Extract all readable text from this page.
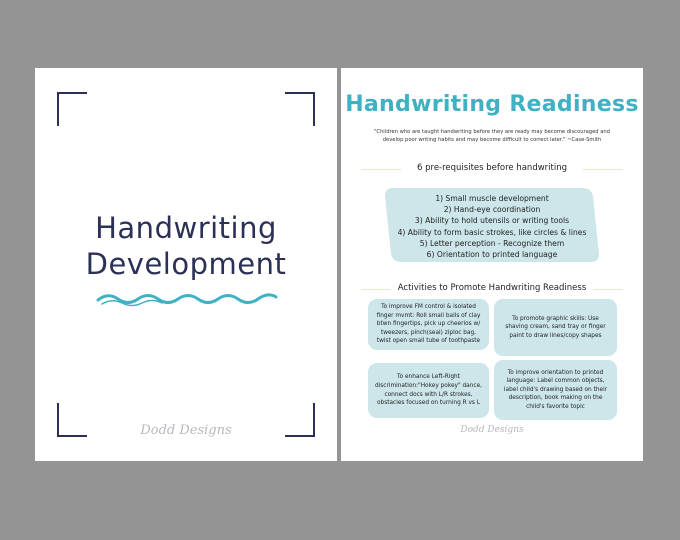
Handwriting
Development
Dodd Designs
Handwriting Readiness
"Children who are taught handwriting before they are ready may become discouraged and develop poor writing habits and may become difficult to correct later." ~Case-Smith
6 pre-requisites before handwriting
1) Small muscle development
2) Hand-eye coordination
3) Ability to hold utensils or writing tools
4) Ability to form basic strokes, like circles & lines
5) Letter perception - Recognize them
6) Orientation to printed language
Activities to Promote Handwriting Readiness
To improve FM control & isolated finger mvmt: Roll small balls of clay btwn fingertips, pick up cheerios w/ tweezers, pinch(seal) ziploc bag, twist open small tube of toothpaste
To promote graphic skills: Use shaving cream, sand tray or finger paint to draw lines/copy shapes
To enhance Left-Right discrimination:"Hokey pokey" dance, connect docs with L/R strokes, obstacles focused on turning R vs L
To improve orientation to printed language: Label common objects, label child's drawing based on their description, book making on the child's favorite topic
Dodd Designs
